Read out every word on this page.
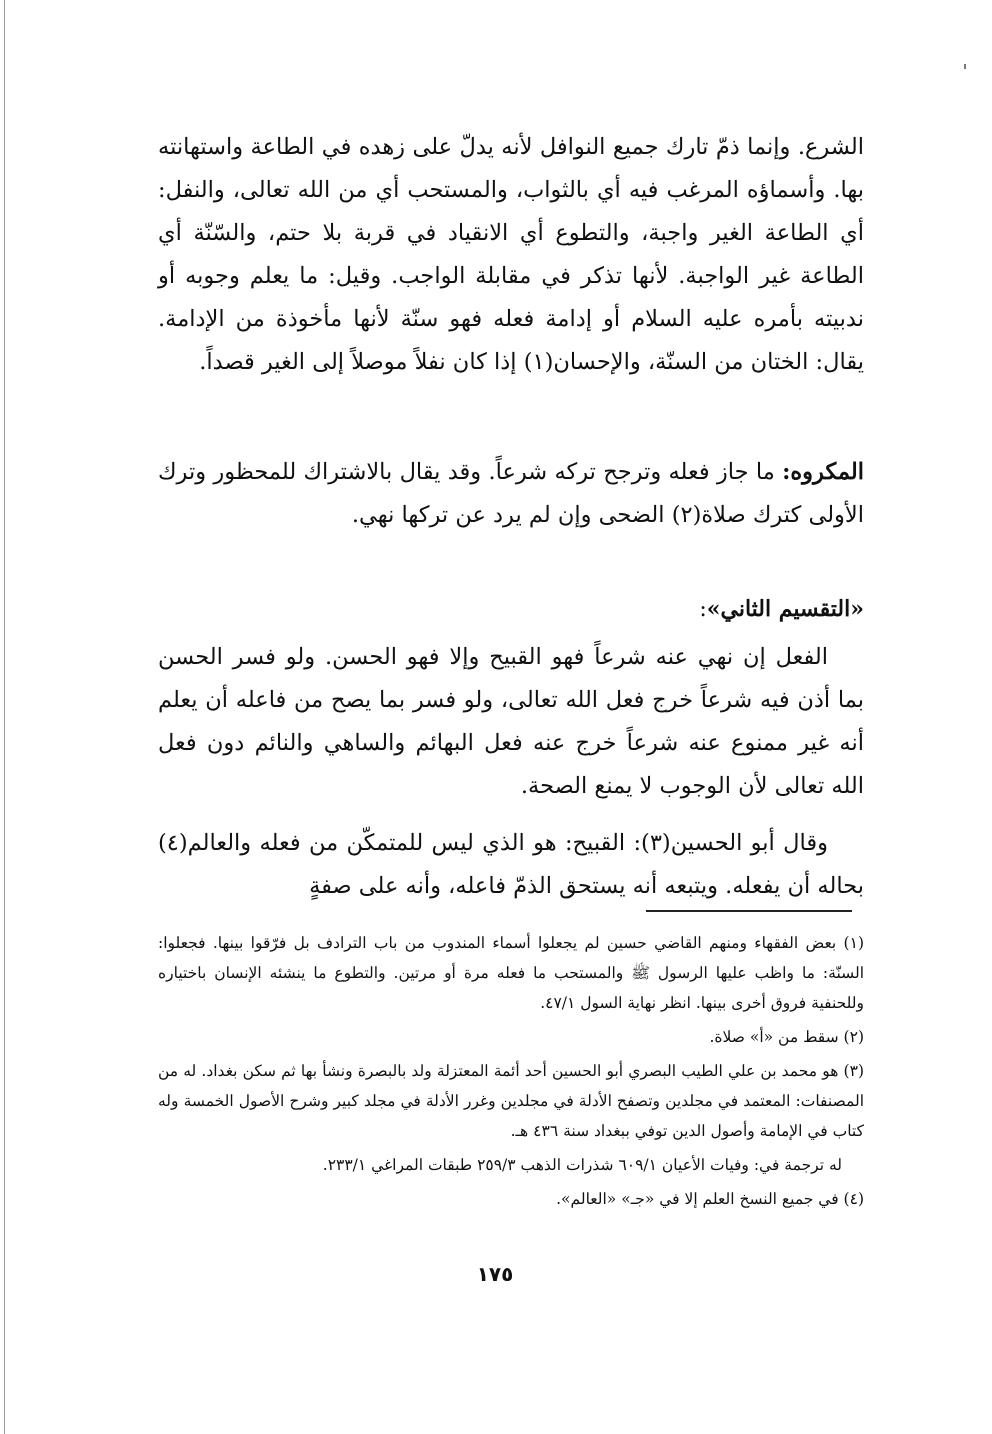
الشرع. وإنما ذمّ تارك جميع النوافل لأنه يدلّ على زهده في الطاعة واستهانته بها. وأسماؤه المرغب فيه أي بالثواب، والمستحب أي من الله تعالى، والنفل: أي الطاعة الغير واجبة، والتطوع أي الانقياد في قربة بلا حتم، والسّنّة أي الطاعة غير الواجبة. لأنها تذكر في مقابلة الواجب. وقيل: ما يعلم وجوبه أو ندبيته بأمره عليه السلام أو إدامة فعله فهو سنّة لأنها مأخوذة من الإدامة. يقال: الختان من السنّة، والإحسان(١) إذا كان نفلاً موصلاً إلى الغير قصداً.

المكروه: ما جاز فعله وترجح تركه شرعاً. وقد يقال بالاشتراك للمحظور وترك الأولى كترك صلاة(٢) الضحى وإن لم يرد عن تركها نهي.

«التقسيم الثاني»:

الفعل إن نهي عنه شرعاً فهو القبيح وإلا فهو الحسن. ولو فسر الحسن بما أذن فيه شرعاً خرج فعل الله تعالى، ولو فسر بما يصح من فاعله أن يعلم أنه غير ممنوع عنه شرعاً خرج عنه فعل البهائم والساهي والنائم دون فعل الله تعالى لأن الوجوب لا يمنع الصحة.

وقال أبو الحسين(٣): القبيح: هو الذي ليس للمتمكّن من فعله والعالم(٤) بحاله أن يفعله. ويتبعه أنه يستحق الذمّ فاعله، وأنه على صفةٍ

(١) بعض الفقهاء ومنهم القاضي حسين لم يجعلوا أسماء المندوب من باب الترادف بل فرّقوا بينها. فجعلوا: السنّة: ما واظب عليها الرسول ﷺ والمستحب ما فعله مرة أو مرتين. والتطوع ما ينشئه الإنسان باختياره وللحنفية فروق أخرى بينها. انظر نهاية السول ٤٧/١.

(٢) سقط من «أ» صلاة.

(٣) هو محمد بن علي الطيب البصري أبو الحسين أحد أئمة المعتزلة ولد بالبصرة ونشأ بها ثم سكن بغداد. له من المصنفات: المعتمد في مجلدين وتصفح الأدلة في مجلدين وغرر الأدلة في مجلد كبير وشرح الأصول الخمسة وله كتاب في الإمامة وأصول الدين توفي ببغداد سنة ٤٣٦ هـ.

له ترجمة في: وفيات الأعيان ٦٠٩/١ شذرات الذهب ٢٥٩/٣ طبقات المراغي ٢٣٣/١.

(٤) في جميع النسخ العلم إلا في «جـ» «العالم».

١٧٥
